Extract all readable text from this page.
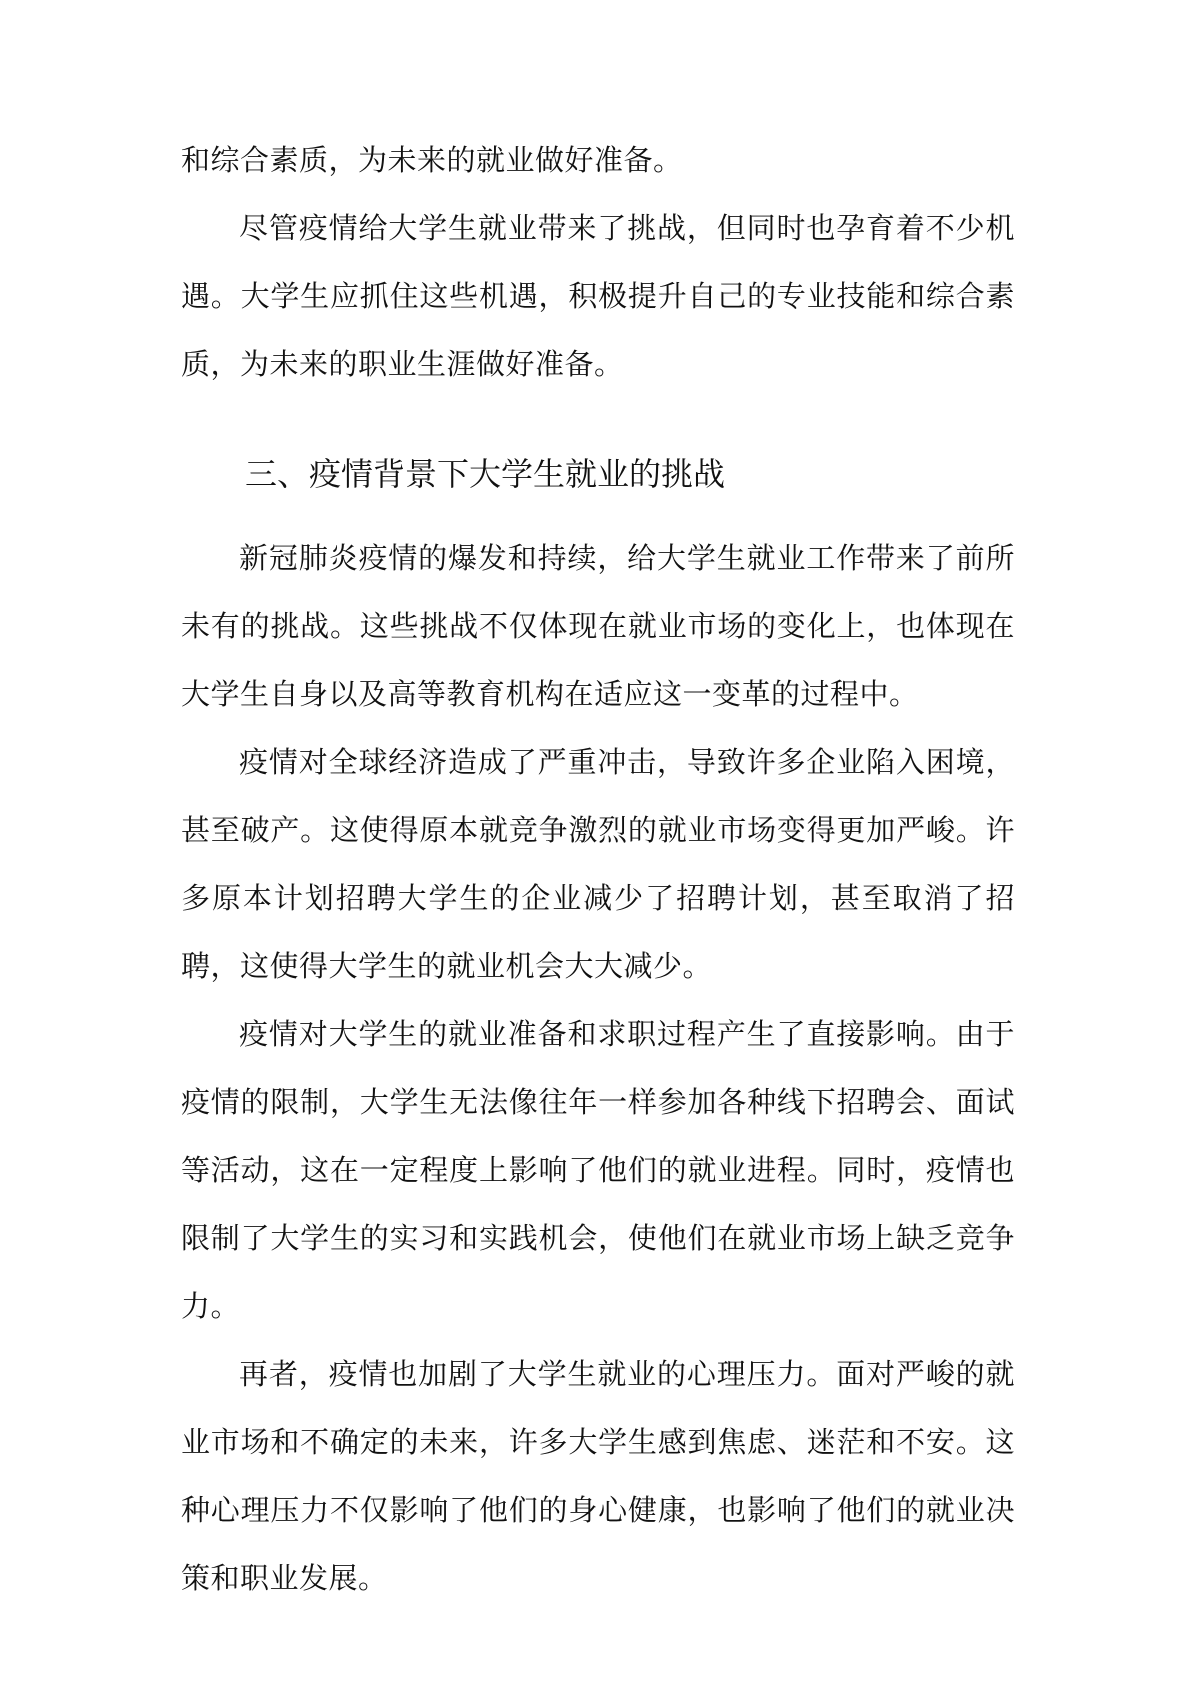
和综合素质，为未来的就业做好准备。

尽管疫情给大学生就业带来了挑战，但同时也孕育着不少机遇。大学生应抓住这些机遇，积极提升自己的专业技能和综合素质，为未来的职业生涯做好准备。

三、疫情背景下大学生就业的挑战

新冠肺炎疫情的爆发和持续，给大学生就业工作带来了前所未有的挑战。这些挑战不仅体现在就业市场的变化上，也体现在大学生自身以及高等教育机构在适应这一变革的过程中。

疫情对全球经济造成了严重冲击，导致许多企业陷入困境，甚至破产。这使得原本就竞争激烈的就业市场变得更加严峻。许多原本计划招聘大学生的企业减少了招聘计划，甚至取消了招聘，这使得大学生的就业机会大大减少。

疫情对大学生的就业准备和求职过程产生了直接影响。由于疫情的限制，大学生无法像往年一样参加各种线下招聘会、面试等活动，这在一定程度上影响了他们的就业进程。同时，疫情也限制了大学生的实习和实践机会，使他们在就业市场上缺乏竞争力。

再者，疫情也加剧了大学生就业的心理压力。面对严峻的就业市场和不确定的未来，许多大学生感到焦虑、迷茫和不安。这种心理压力不仅影响了他们的身心健康，也影响了他们的就业决策和职业发展。
